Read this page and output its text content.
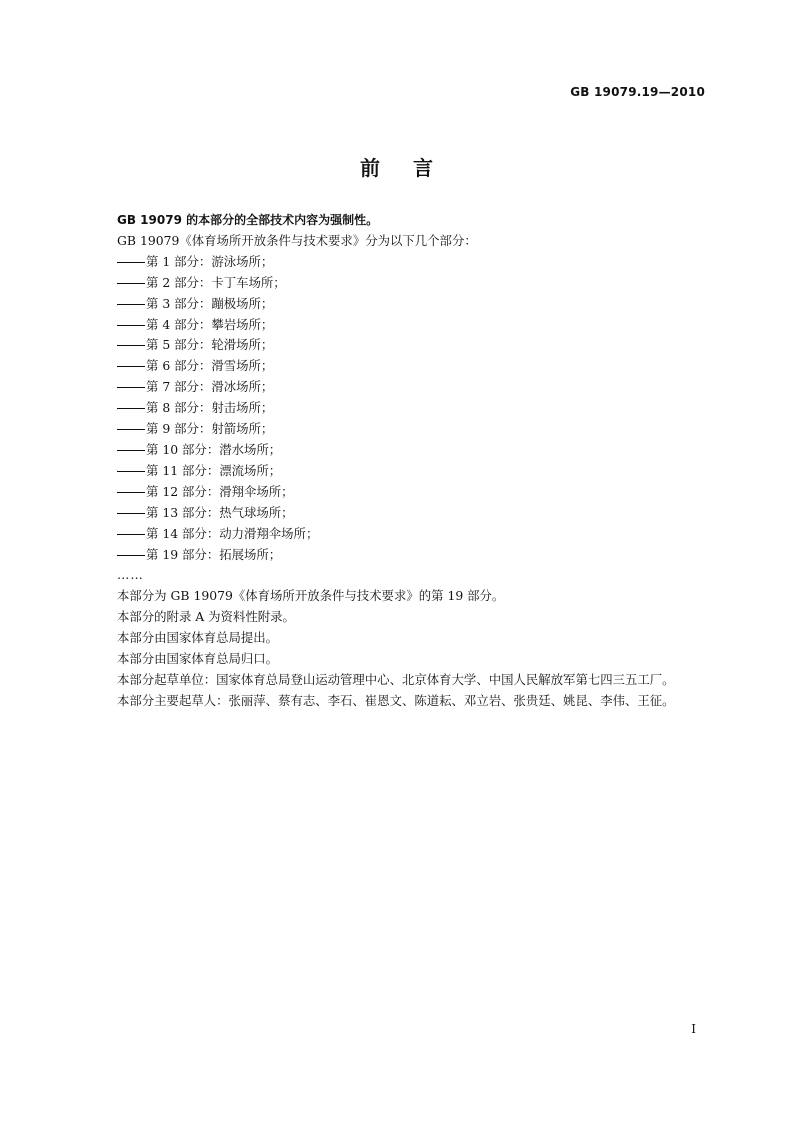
GB 19079.19—2010
前 言

GB 19079 的本部分的全部技术内容为强制性。

GB 19079《体育场所开放条件与技术要求》分为以下几个部分：

第 1 部分：游泳场所；
第 2 部分：卡丁车场所；
第 3 部分：蹦极场所；
第 4 部分：攀岩场所；
第 5 部分：轮滑场所；
第 6 部分：滑雪场所；
第 7 部分：滑冰场所；
第 8 部分：射击场所；
第 9 部分：射箭场所；
第 10 部分：潜水场所；
第 11 部分：漂流场所；
第 12 部分：滑翔伞场所；
第 13 部分：热气球场所；
第 14 部分：动力滑翔伞场所；
第 19 部分：拓展场所；
……

本部分为 GB 19079《体育场所开放条件与技术要求》的第 19 部分。

本部分的附录 A 为资料性附录。

本部分由国家体育总局提出。

本部分由国家体育总局归口。

本部分起草单位：国家体育总局登山运动管理中心、北京体育大学、中国人民解放军第七四三五工厂。

本部分主要起草人：张丽萍、蔡有志、李石、崔恩文、陈道耘、邓立岩、张贵廷、姚昆、李伟、王征。

I
